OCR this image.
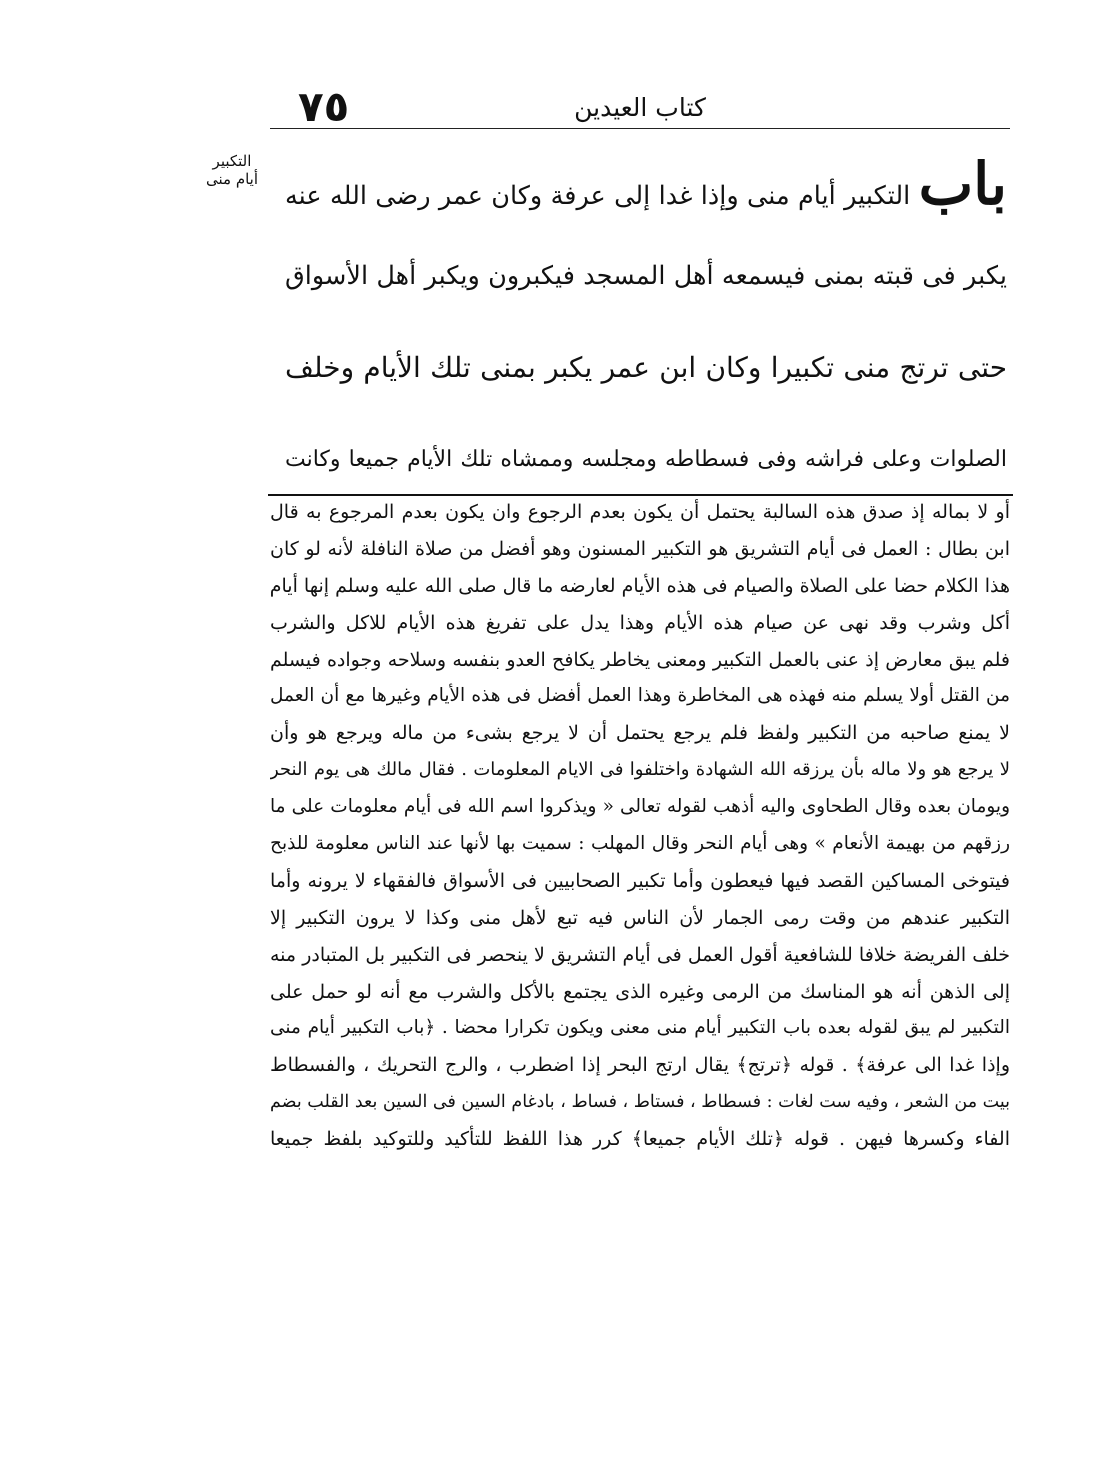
٧٥	كتاب العيدين
التكبير
أيام منى	باب التكبير أيام منى وإذا غدا إلى عرفة وكان عمر رضى الله عنه
يكبر فى قبته بمنى فيسمعه أهل المسجد فيكبرون ويكبر أهل الأسواق
حتى ترتج منى تكبيرا وكان ابن عمر يكبر بمنى تلك الأيام وخلف
الصلوات وعلى فراشه وفى فسطاطه ومجلسه وممشاه تلك الأيام جميعا وكانت
أو لا بماله إذ صدق هذه السالبة يحتمل أن يكون بعدم الرجوع وان يكون بعدم المرجوع به قال
ابن بطال : العمل فى أيام التشريق هو التكبير المسنون وهو أفضل من صلاة النافلة لأنه لو كان
هذا الكلام حضا على الصلاة والصيام فى هذه الأيام لعارضه ما قال صلى الله عليه وسلم إنها أيام
أكل وشرب وقد نهى عن صيام هذه الأيام وهذا يدل على تفريغ هذه الأيام للاكل والشرب
فلم يبق معارض إذ عنى بالعمل التكبير ومعنى يخاطر يكافح العدو بنفسه وسلاحه وجواده فيسلم
من القتل أولا يسلم منه فهذه هى المخاطرة وهذا العمل أفضل فى هذه الأيام وغيرها مع أن العمل
لا يمنع صاحبه من التكبير ولفظ فلم يرجع يحتمل أن لا يرجع بشىء من ماله ويرجع هو وأن
لا يرجع هو ولا ماله بأن يرزقه الله الشهادة واختلفوا فى الايام المعلومات . فقال مالك هى يوم النحر
ويومان بعده وقال الطحاوى واليه أذهب لقوله تعالى « ويذكروا اسم الله فى أيام معلومات على ما
رزقهم من بهيمة الأنعام » وهى أيام النحر وقال المهلب : سميت بها لأنها عند الناس معلومة للذبح
فيتوخى المساكين القصد فيها فيعطون وأما تكبير الصحابيين فى الأسواق فالفقهاء لا يرونه وأما
التكبير عندهم من وقت رمى الجمار لأن الناس فيه تبع لأهل منى وكذا لا يرون التكبير إلا
خلف الفريضة خلافا للشافعية أقول العمل فى أيام التشريق لا ينحصر فى التكبير بل المتبادر منه
إلى الذهن أنه هو المناسك من الرمى وغيره الذى يجتمع بالأكل والشرب مع أنه لو حمل على
التكبير لم يبق لقوله بعده باب التكبير أيام منى معنى ويكون تكرارا محضا . ﴿باب التكبير أيام منى
وإذا غدا الى عرفة﴾ . قوله ﴿ترتج﴾ يقال ارتج البحر إذا اضطرب ، والرج التحريك ، والفسطاط
بيت من الشعر ، وفيه ست لغات : فسطاط ، فستاط ، فساط ، بادغام السين فى السين بعد القلب بضم
الفاء وكسرها فيهن . قوله ﴿تلك الأيام جميعا﴾ كرر هذا اللفظ للتأكيد وللتوكيد بلفظ جميعا
